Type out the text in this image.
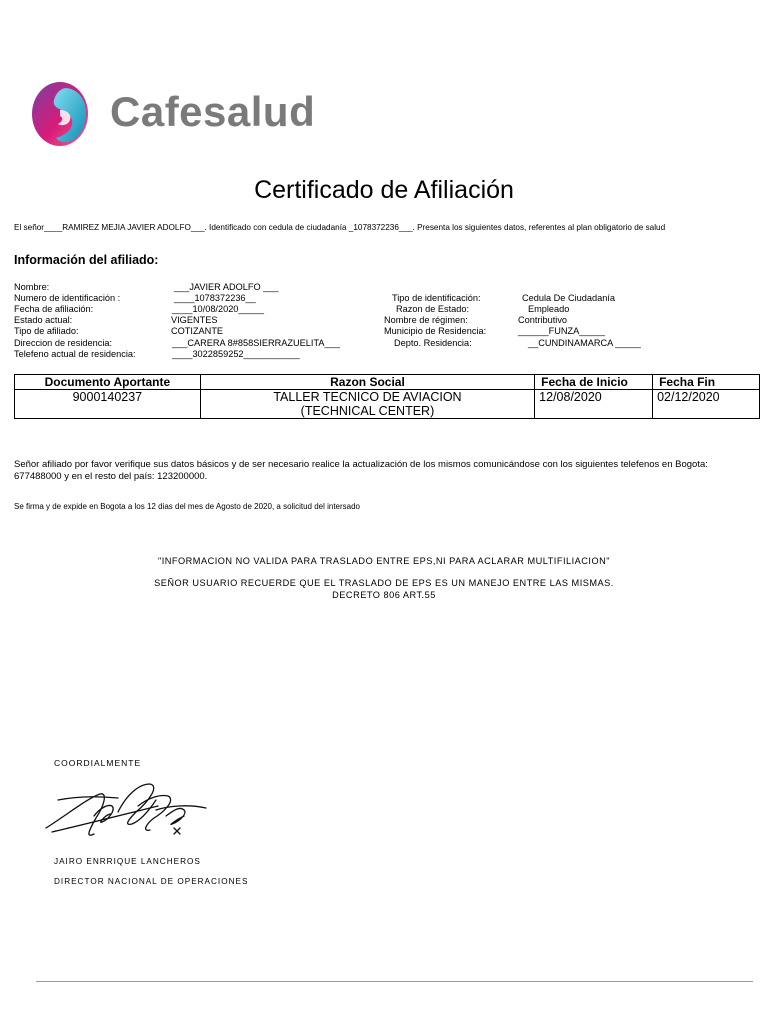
Cafesalud
Certificado de Afiliación
El señor____RAMIREZ MEJIA JAVIER ADOLFO___. Identificado con cedula de ciudadanía _1078372236___. Presenta los siguientes datos, referentes al plan obligatorio de salud
Información del afiliado:
Nombre:	___JAVIER ADOLFO ___
Numero de identificación :	____1078372236__
Fecha de afiliación:	____10/08/2020_____
Estado actual:	VIGENTES
Tipo de afiliado:	COTIZANTE
Direccion de residencia:	___CARERA 8#858SIERRAZUELITA___
Telefeno actual de residencia:	____3022859252___________
Tipo de identificación:	Cedula De Ciudadanía
Razon de Estado:	Empleado
Nombre de régimen:	Contributivo
Municipio de Residencia:	______FUNZA_____
Depto. Residencia:	__CUNDINAMARCA _____
Documento Aportante	Razon Social	Fecha de Inicio	Fecha Fin
9000140237	TALLER TECNICO DE AVIACION
(TECHNICAL CENTER)	12/08/2020	02/12/2020
Señor afiliado por favor verifique sus datos básicos y de ser necesario realice la actualización de los mismos comunicándose con los siguientes telefenos en Bogota: 677488000 y en el resto del país: 123200000.
Se firma y de expide en Bogota a los 12 dias del mes de Agosto de 2020, a solicitud del intersado
"INFORMACION NO VALIDA PARA TRASLADO ENTRE EPS,NI PARA ACLARAR MULTIFILIACION"
SEÑOR USUARIO RECUERDE QUE EL TRASLADO DE EPS ES UN MANEJO ENTRE LAS MISMAS.
DECRETO 806 ART.55
COORDIALMENTE
JAIRO ENRRIQUE LANCHEROS
DIRECTOR NACIONAL DE OPERACIONES
